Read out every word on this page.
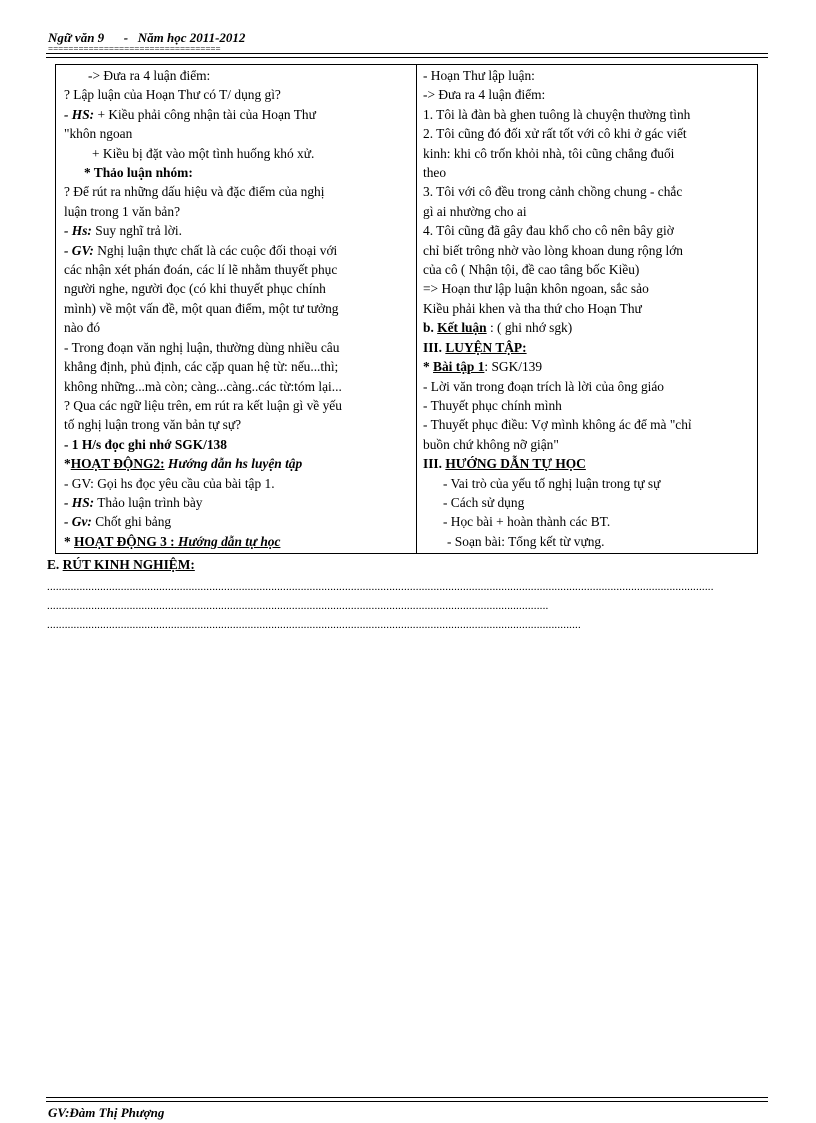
Ngữ văn 9 - Năm học 2011-2012
==================================
-> Đưa ra 4 luận điểm:
? Lập luận của Hoạn Thư có T/ dụng gì?
- HS: + Kiều phải công nhận tài của Hoạn Thư
"khôn ngoan
+ Kiều bị đặt vào một tình huống khó xử.
* Thảo luận nhóm:
? Để rút ra những dấu hiệu và đặc điểm của nghị
luận trong 1 văn bản?
- Hs: Suy nghĩ trả lời.
- GV: Nghị luận thực chất là các cuộc đối thoại với
các nhận xét phán đoán, các lí lẽ nhằm thuyết phục
người nghe, người đọc (có khi thuyết phục chính
mình) về một vấn đề, một quan điểm, một tư tưởng
nào đó
- Trong đoạn văn nghị luận, thường dùng nhiều câu
khẳng định, phủ định, các cặp quan hệ từ: nếu...thì;
không những...mà còn; càng...càng..các từ:tóm lại...
? Qua các ngữ liệu trên, em rút ra kết luận gì về yếu
tố nghị luận trong văn bản tự sự?
- 1 H/s đọc ghi nhớ SGK/138
*HOẠT ĐỘNG2: Hướng dẫn hs luyện tập
- GV: Gọi hs đọc yêu cầu của bài tập 1.
- HS: Thảo luận trình bày
- Gv: Chốt ghi bảng
* HOẠT ĐỘNG 3 : Hướng dẫn tự học
- Hoạn Thư lập luận:
-> Đưa ra 4 luận điểm:
1. Tôi là đàn bà ghen tuông là chuyện thường tình
2. Tôi cũng đó đối xử rất tốt với cô khi ở gác viết
kinh: khi cô trốn khỏi nhà, tôi cũng chẳng đuổi
theo
3. Tôi với cô đều trong cảnh chồng chung - chắc
gì ai nhường cho ai
4. Tôi cũng đã gây đau khổ cho cô nên bây giờ
chỉ biết trông nhờ vào lòng khoan dung rộng lớn
của cô ( Nhận tội, đề cao tâng bốc Kiều)
=> Hoạn thư lập luận khôn ngoan, sắc sảo
Kiều phải khen và tha thứ cho Hoạn Thư
b. Kết luận : ( ghi nhớ sgk)
III. LUYỆN TẬP:
* Bài tập 1: SGK/139
- Lời văn trong đoạn trích là lời của ông giáo
- Thuyết phục chính mình
- Thuyết phục điều: Vợ mình không ác để mà "chỉ
buồn chứ không nỡ giận"
III. HƯỚNG DẪN TỰ HỌC
- Vai trò của yếu tố nghị luận trong tự sự
- Cách sử dụng
- Học bài + hoàn thành các BT.
- Soạn bài: Tổng kết từ vựng.
E. RÚT KINH NGHIỆM:
..................................................................................................................................................................................................................................
..........................................................................................................................................................................
.....................................................................................................................................................................................
GV:Đàm Thị Phượng
